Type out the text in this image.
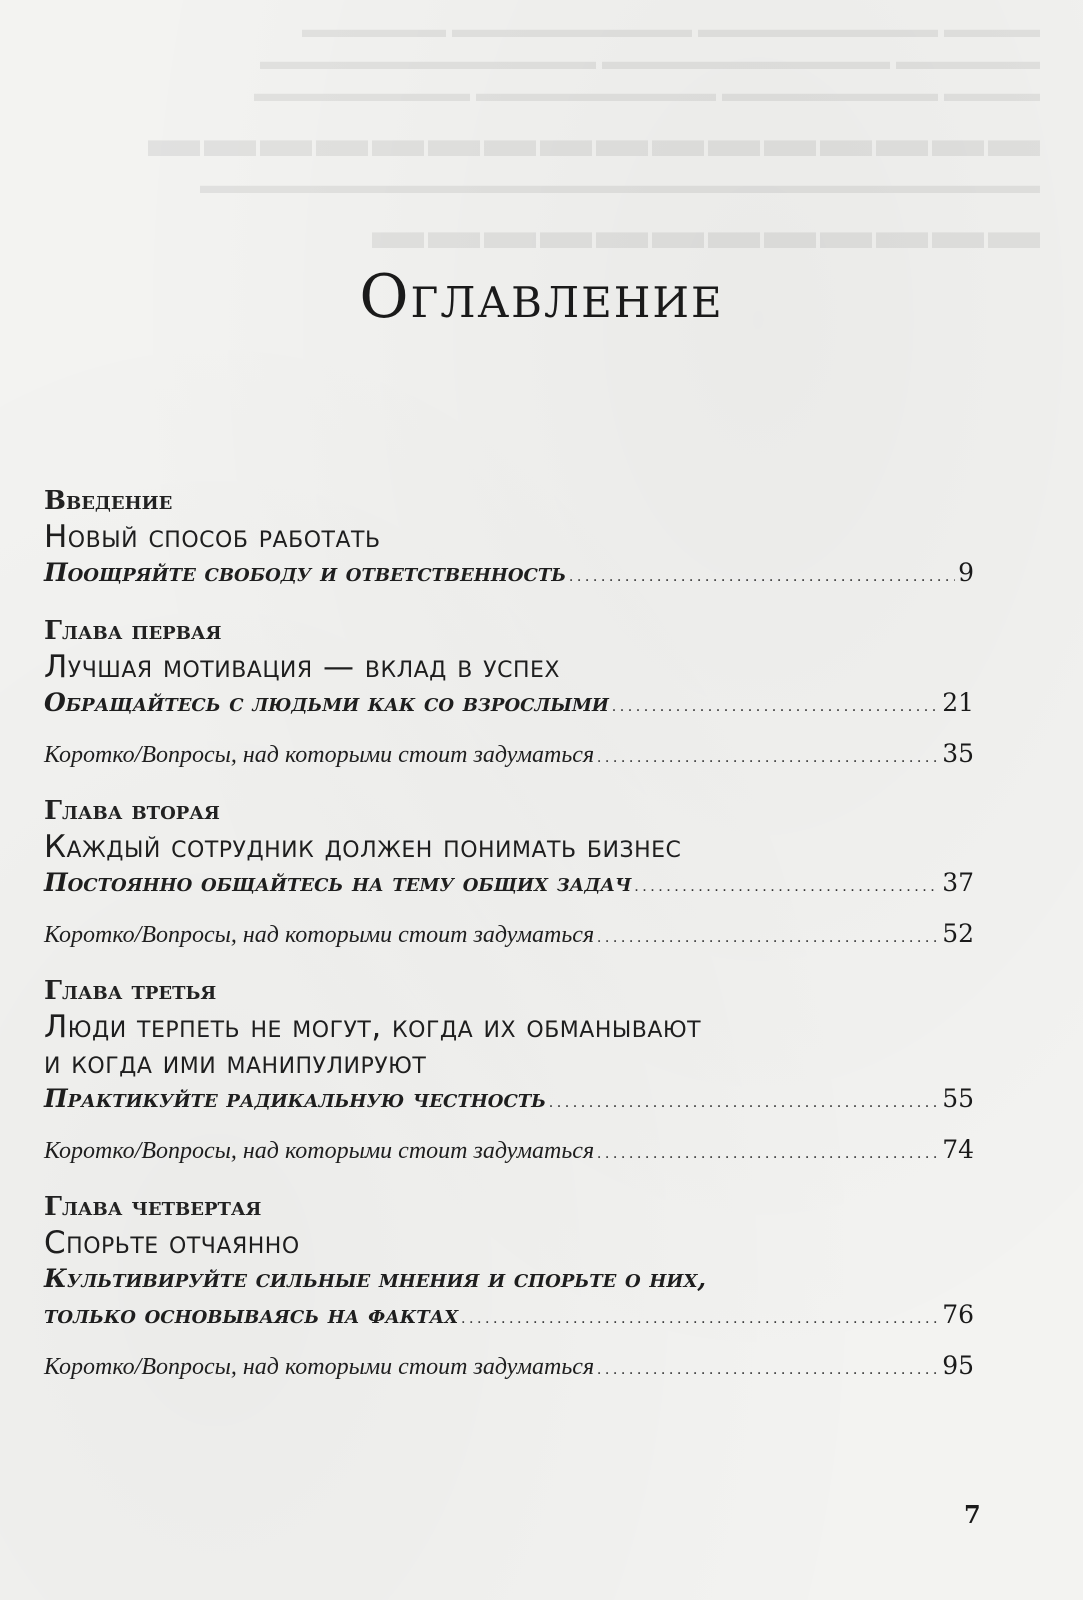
▬▬▬▬ ▬▬▬▬▬▬▬▬▬▬ ▬▬▬▬▬▬▬▬▬▬ ▬▬▬▬▬▬
▬▬▬▬▬▬ ▬▬▬▬▬▬▬▬▬▬▬▬ ▬▬▬▬▬▬▬▬▬▬▬▬▬▬
▬▬▬▬ ▬▬▬▬▬▬▬▬▬ ▬▬▬▬▬▬▬▬▬▬ ▬▬▬▬▬▬▬▬▬
▬▬▬▬▬▬▬▬▬▬▬▬▬▬▬▬
▬▬▬▬▬▬▬▬▬▬▬▬▬▬▬▬▬▬▬▬▬▬▬▬▬▬▬▬▬▬▬▬▬▬▬
▬▬▬▬▬▬▬▬▬▬▬▬
Оглавление
Введение
Новый способ работать
Поощряйте свободу и ответственность . . .	9
Глава первая
Лучшая мотивация — вклад в успех
Обращайтесь с людьми как со взрослыми . . .	21
Коротко/Вопросы, над которыми стоит задуматься . . .	35
Глава вторая
Каждый сотрудник должен понимать бизнес
Постоянно общайтесь на тему общих задач . . .	37
Коротко/Вопросы, над которыми стоит задуматься . . .	52
Глава третья
Люди терпеть не могут, когда их обманывают
и когда ими манипулируют
Практикуйте радикальную честность . . .	55
Коротко/Вопросы, над которыми стоит задуматься . . .	74
Глава четвертая
Спорьте отчаянно
Культивируйте сильные мнения и спорьте о них,
только основываясь на фактах . . .	76
Коротко/Вопросы, над которыми стоит задуматься . . .	95
7
